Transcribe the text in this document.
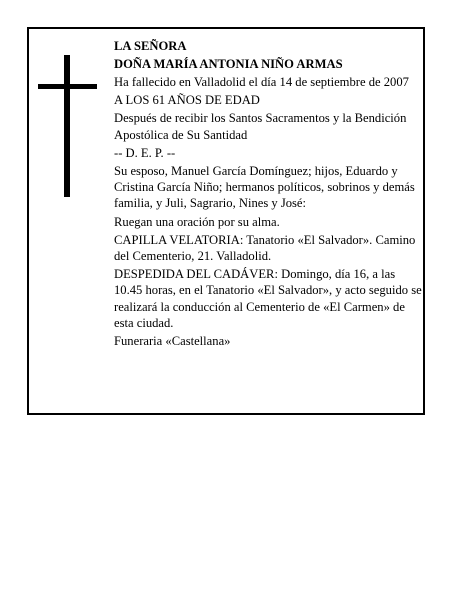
LA SEÑORA
DOÑA MARÍA ANTONIA NIÑO ARMAS
Ha fallecido en Valladolid el día 14 de septiembre de 2007
A LOS 61 AÑOS DE EDAD
Después de recibir los Santos Sacramentos y la Bendición Apostólica de Su Santidad
-- D. E. P. --
Su esposo, Manuel García Domínguez; hijos, Eduardo y Cristina García Niño; hermanos políticos, sobrinos y demás familia, y Juli, Sagrario, Nines y José:
Ruegan una oración por su alma.
CAPILLA VELATORIA: Tanatorio «El Salvador». Camino del Cementerio, 21. Valladolid.
DESPEDIDA DEL CADÁVER: Domingo, día 16, a las 10.45 horas, en el Tanatorio «El Salvador», y acto seguido se realizará la conducción al Cementerio de «El Carmen» de esta ciudad.
Funeraria «Castellana»
